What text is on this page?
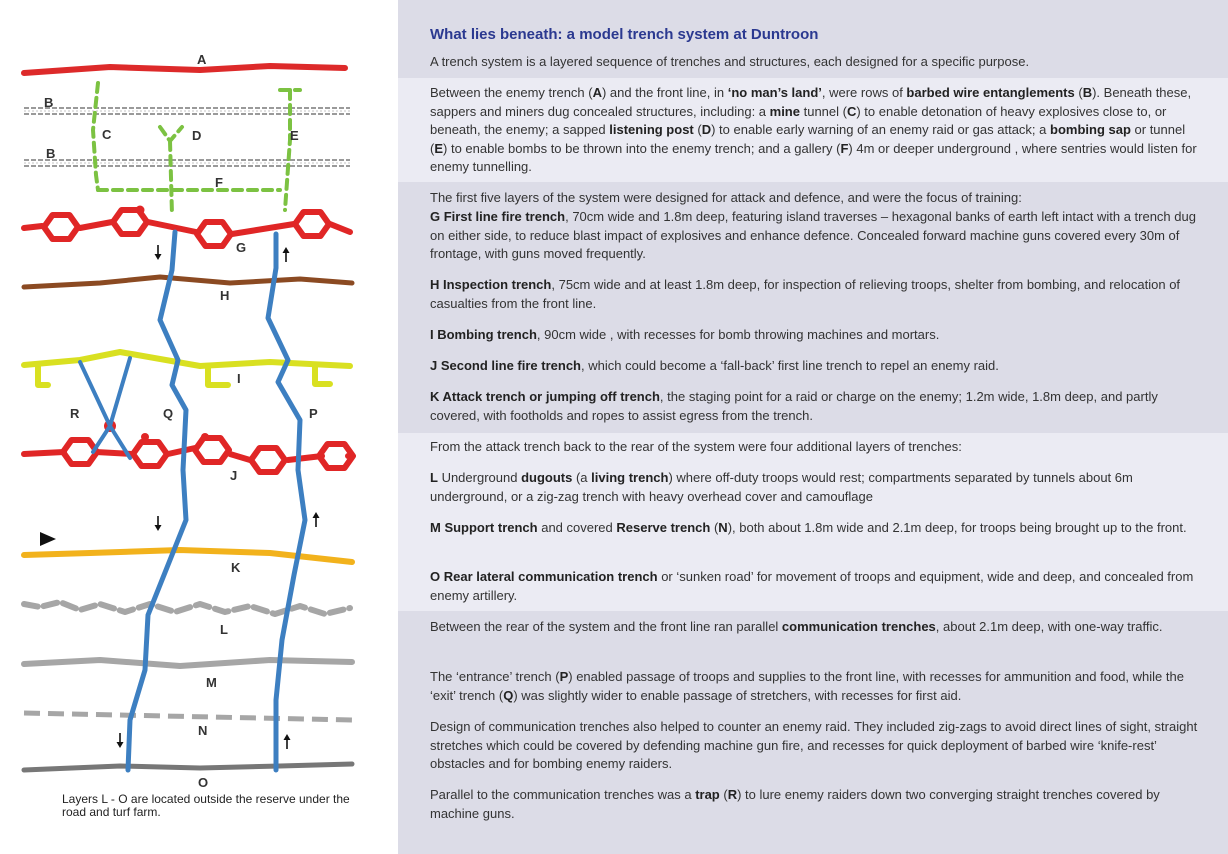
A
B
B
C	D	E
F
G
H
I
R	Q	P
J
K
L
M
N
O
Layers L - O are located outside the reserve under the road and turf farm.
What lies beneath: a model trench system at Duntroon
A trench system is a layered sequence of trenches and structures, each designed for a specific purpose.
Between the enemy trench (A) and the front line, in ‘no man’s land’, were rows of barbed wire entanglements (B). Beneath these, sappers and miners dug concealed structures, including: a mine tunnel (C) to enable detonation of heavy explosives close to, or beneath, the enemy; a sapped listening post (D) to enable early warning of an enemy raid or gas attack; a bombing sap or tunnel (E) to enable bombs to be thrown into the enemy trench; and a gallery (F) 4m or deeper underground , where sentries would listen for enemy tunnelling.
The first five layers of the system were designed for attack and defence, and were the focus of training:
G First line fire trench, 70cm wide and 1.8m deep, featuring island traverses – hexagonal banks of earth left intact with a trench dug on either side, to reduce blast impact of explosives and enhance defence. Concealed forward machine guns covered every 30m of frontage, with guns moved frequently.
H Inspection trench, 75cm wide and at least 1.8m deep, for inspection of relieving troops, shelter from bombing, and relocation of casualties from the front line.
I Bombing trench, 90cm wide , with recesses for bomb throwing machines and mortars.
J Second line fire trench, which could become a ‘fall-back’ first line trench to repel an enemy raid.
K Attack trench or jumping off trench, the staging point for a raid or charge on the enemy; 1.2m wide, 1.8m deep, and partly covered, with footholds and ropes to assist egress from the trench.
From the attack trench back to the rear of the system were four additional layers of trenches:
L Underground dugouts (a living trench) where off-duty troops would rest; compartments separated by tunnels about 6m underground, or a zig-zag trench with heavy overhead cover and camouflage
M Support trench and covered Reserve trench (N), both about 1.8m wide and 2.1m deep, for troops being brought up to the front.
O Rear lateral communication trench or ‘sunken road’ for movement of troops and equipment, wide and deep, and concealed from enemy artillery.
Between the rear of the system and the front line ran parallel communication trenches, about 2.1m deep, with one-way traffic.
The ‘entrance’ trench (P) enabled passage of troops and supplies to the front line, with recesses for ammunition and food, while the ‘exit’ trench (Q) was slightly wider to enable passage of stretchers, with recesses for first aid.
Design of communication trenches also helped to counter an enemy raid. They included zig-zags to avoid direct lines of sight, straight stretches which could be covered by defending machine gun fire, and recesses for quick deployment of barbed wire ‘knife-rest’ obstacles and for bombing enemy raiders.
Parallel to the communication trenches was a trap (R) to lure enemy raiders down two converging straight trenches covered by machine guns.
